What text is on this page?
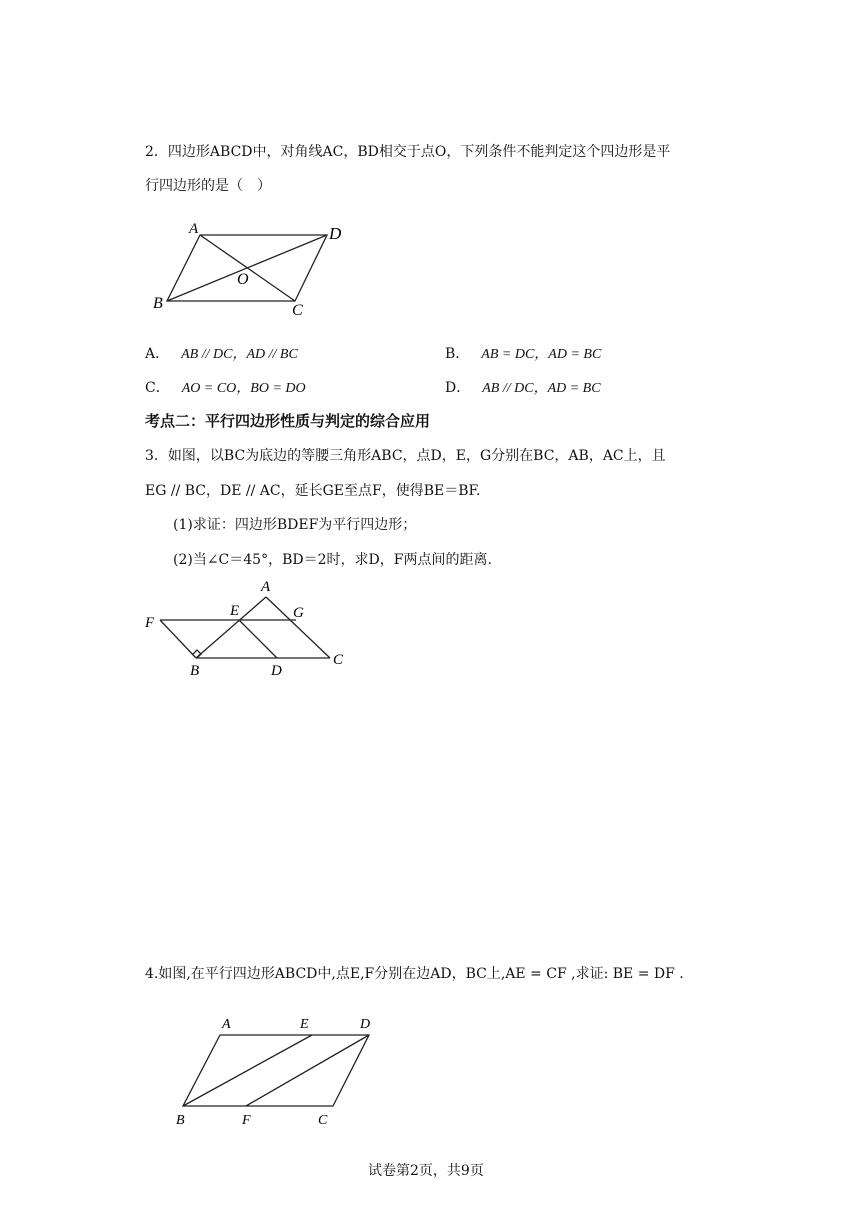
2．四边形ABCD中，对角线AC，BD相交于点O，下列条件不能判定这个四边形是平
行四边形的是（　）
A	D
B	C
O
A． AB // DC，AD // BC	B． AB = DC，AD = BC
C． AO = CO，BO = DO	D． AB // DC，AD = BC
考点二：平行四边形性质与判定的综合应用
3．如图，以BC为底边的等腰三角形ABC，点D，E，G分别在BC，AB，AC上，且
EG // BC，DE // AC，延长GE至点F，使得BE＝BF.
(1)求证：四边形BDEF为平行四边形；
(2)当∠C＝45°，BD＝2时，求D，F两点间的距离.
A
E	G
F
B	D
C
4.如图,在平行四边形ABCD中,点E,F分别在边AD，BC上,AE = CF ,求证: BE = DF .
A	E	D
B	F	C
试卷第2页，共9页
